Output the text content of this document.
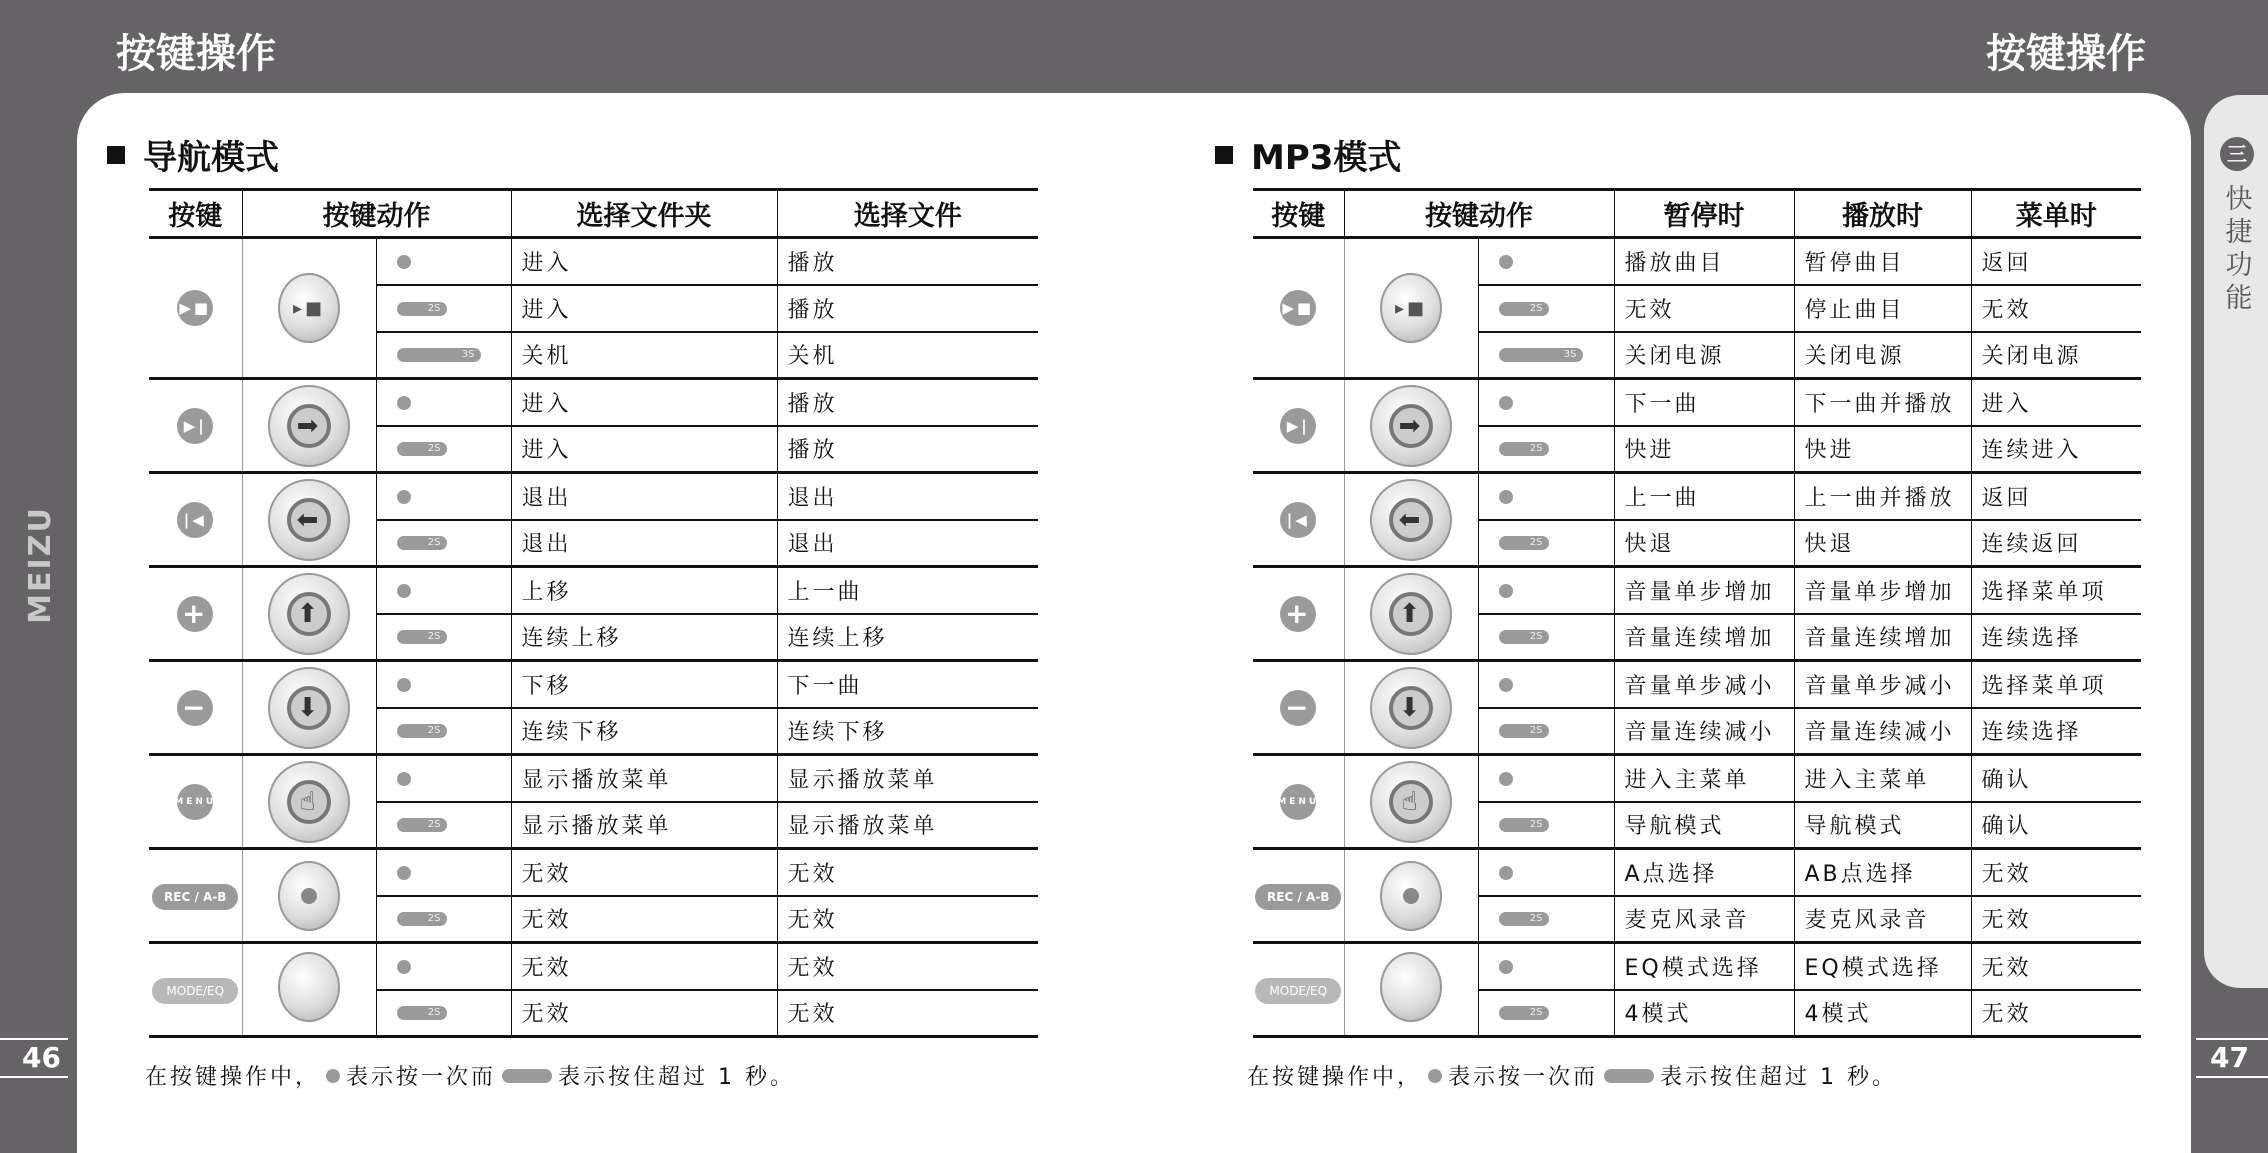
按键操作	按键操作
三
快捷功能
MEIZU
46	47
导航模式	MP3模式
按键	按键动作		选择文件夹	选择文件
▶■	▸■		进入	播放
		2S	进入	播放
		3S	关机	关机
▶|	➡		进入	播放
		2S	进入	播放
|◀	⬅		退出	退出
		2S	退出	退出
+	⬆		上移	上一曲
		2S	连续上移	连续上移
−	⬇		下移	下一曲
		2S	连续下移	连续下移
MENU	☝		显示播放菜单	显示播放菜单
		2S	显示播放菜单	显示播放菜单
REC / A-B			无效	无效
		2S	无效	无效
MODE/EQ			无效	无效
		2S	无效	无效
按键	按键动作		暂停时	播放时	菜单时
▶■	▸■		播放曲目	暂停曲目	返回
		2S	无效	停止曲目	无效
		3S	关闭电源	关闭电源	关闭电源
▶|	➡		下一曲	下一曲并播放	进入
		2S	快进	快进	连续进入
|◀	⬅		上一曲	上一曲并播放	返回
		2S	快退	快退	连续返回
+	⬆		音量单步增加	音量单步增加	选择菜单项
		2S	音量连续增加	音量连续增加	连续选择
−	⬇		音量单步减小	音量单步减小	选择菜单项
		2S	音量连续减小	音量连续减小	连续选择
MENU	☝		进入主菜单	进入主菜单	确认
		2S	导航模式	导航模式	确认
REC / A-B			A点选择	AB点选择	无效
		2S	麦克风录音	麦克风录音	无效
MODE/EQ			EQ模式选择	EQ模式选择	无效
		2S	4模式	4模式	无效
在按键操作中， 表示按一次而	表示按住超过 1 秒。	在按键操作中， 表示按一次而	表示按住超过 1 秒。
